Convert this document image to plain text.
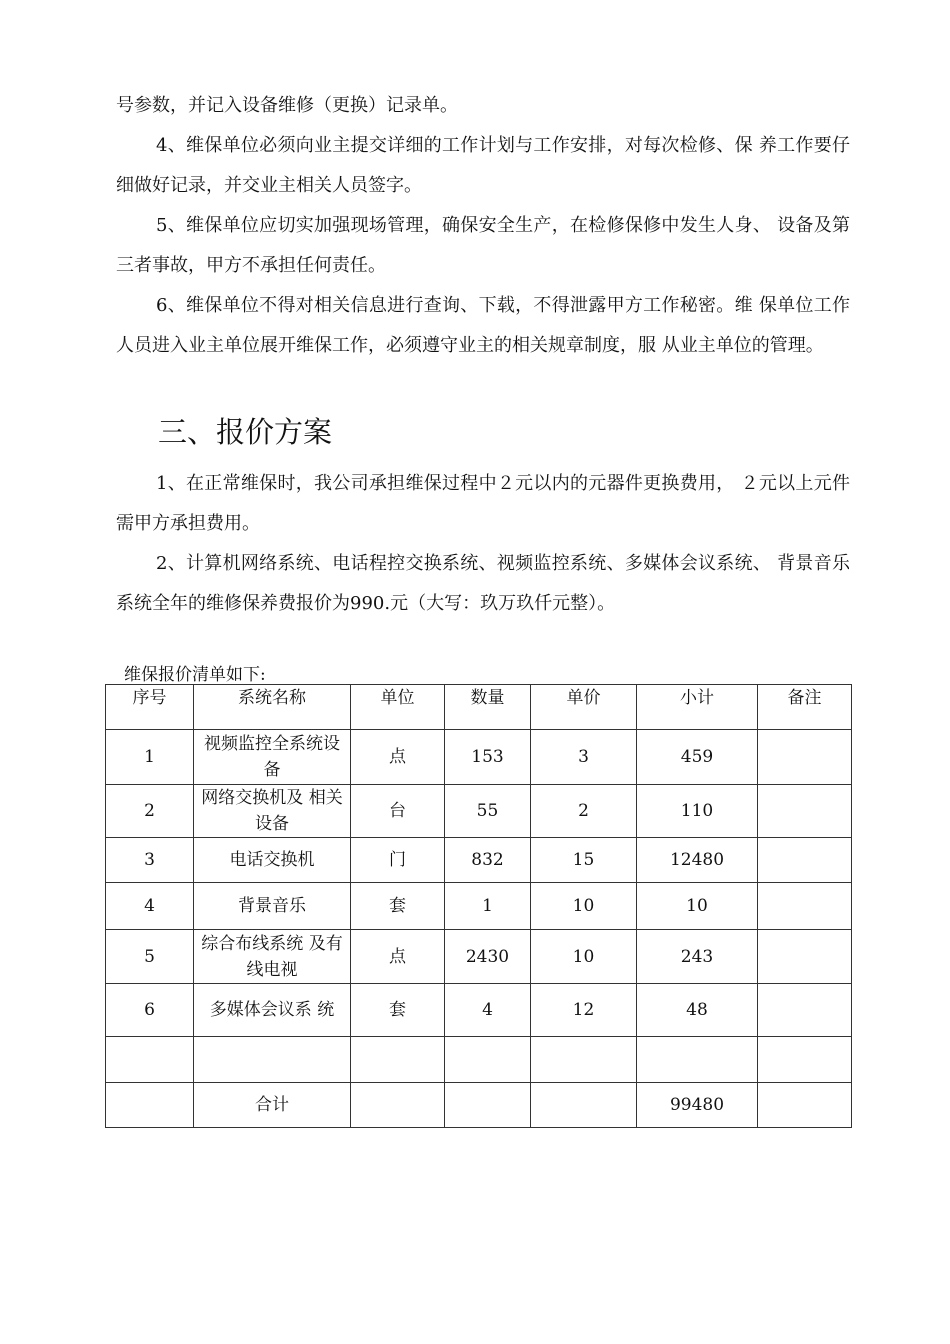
号参数，并记入设备维修（更换）记录单。

4、维保单位必须向业主提交详细的工作计划与工作安排，对每次检修、保 养工作要仔细做好记录，并交业主相关人员签字。

5、维保单位应切实加强现场管理，确保安全生产，在检修保修中发生人身、 设备及第三者事故，甲方不承担任何责任。

6、维保单位不得对相关信息进行查询、下载，不得泄露甲方工作秘密。维 保单位工作人员进入业主单位展开维保工作，必须遵守业主的相关规章制度，服 从业主单位的管理。

三、报价方案

1、在正常维保时，我公司承担维保过程中２元以内的元器件更换费用， ２元以上元件需甲方承担费用。

2、计算机网络系统、电话程控交换系统、视频监控系统、多媒体会议系统、 背景音乐系统全年的维修保养费报价为990.元（大写：玖万玖仟元整）。

维保报价清单如下:

序号	系统名称	单位	数量	单价	小计	备注
1	视频监控全系统设备	点	153	3	459	
2	网络交换机及 相关设备	台	55	2	110	
3	电话交换机	门	832	15	12480	
4	背景音乐	套	1	10	10	
5	综合布线系统 及有线电视	点	2430	10	243	
6	多媒体会议系 统	套	4	12	48	

	合计				99480	
